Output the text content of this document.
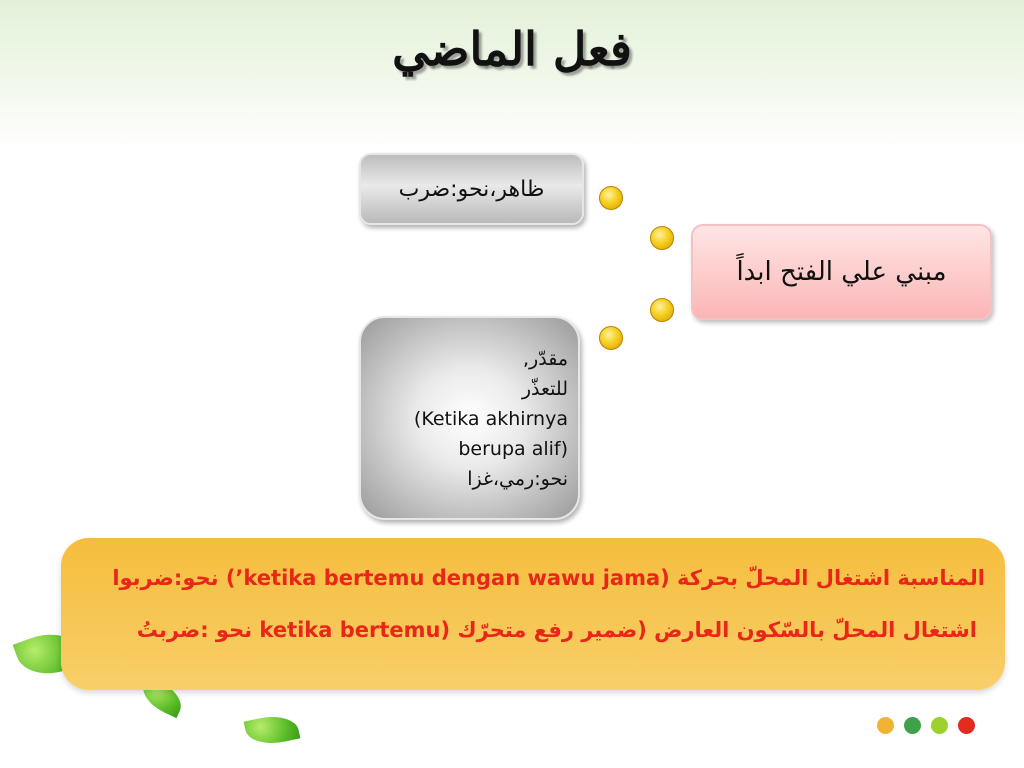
فعل الماضي
ظاهر،نحو:ضرب
مبني علي الفتح ابداً
مقدّر,
للتعذّر
(Ketika akhirnya
berupa alif)
نحو:رمي،غزا
المناسبة اشتغال المحلّ بحركة (ketika bertemu dengan wawu jama’) نحو:ضربوا
اشتغال المحلّ بالسّكون العارض (ضمير رفع متحرّك (ketika bertemu نحو :ضربتُ
